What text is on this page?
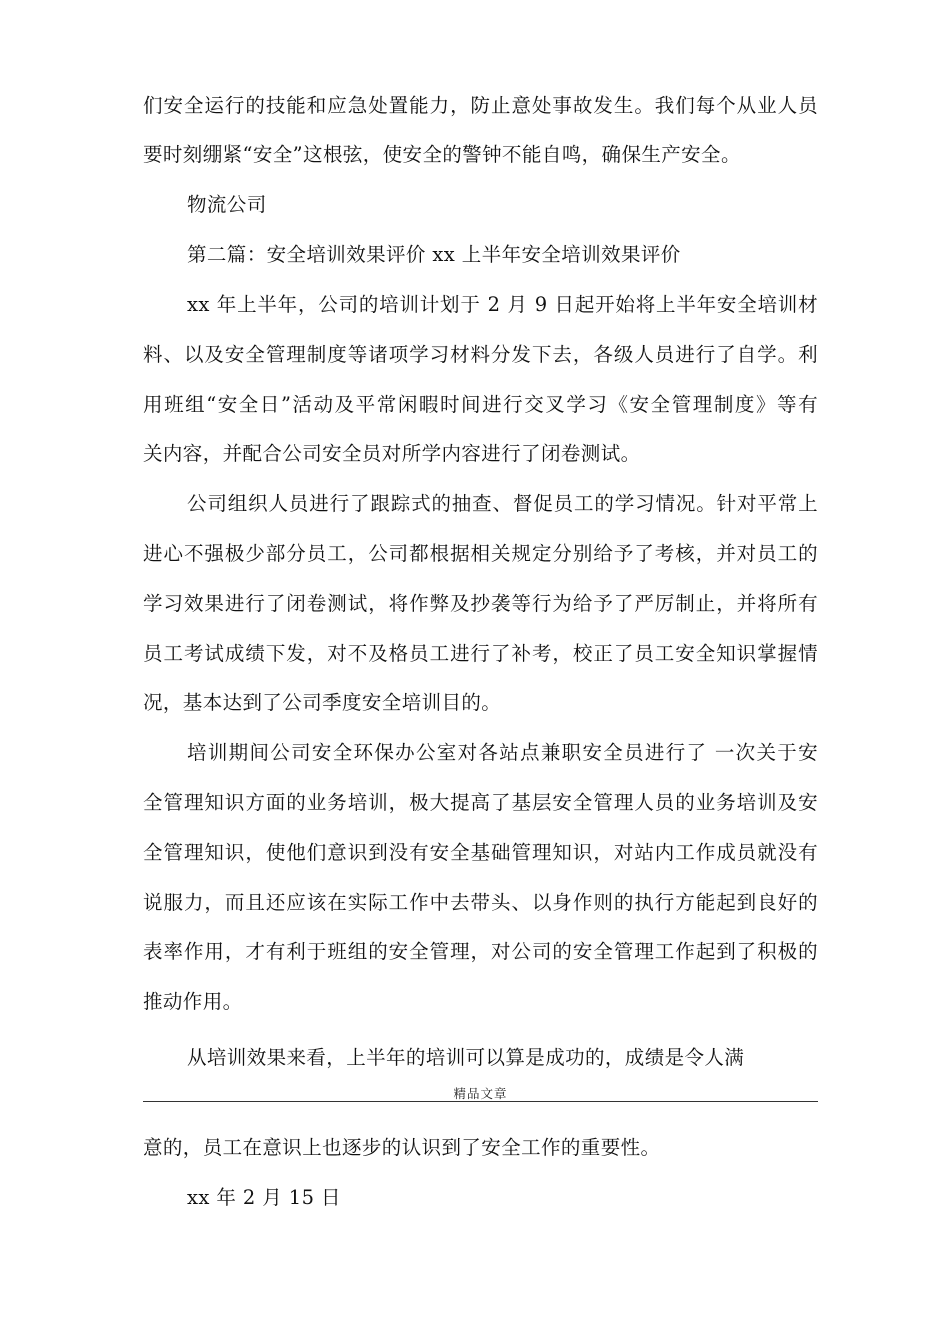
们安全运行的技能和应急处置能力，防止意处事故发生。我们每个从业人员
要时刻绷紧“安全”这根弦，使安全的警钟不能自鸣，确保生产安全。
物流公司
第二篇：安全培训效果评价 xx 上半年安全培训效果评价
xx 年上半年，公司的培训计划于 2 月 9 日起开始将上半年安全培训材
料、以及安全管理制度等诸项学习材料分发下去，各级人员进行了自学。利
用班组“安全日”活动及平常闲暇时间进行交叉学习《安全管理制度》等有
关内容，并配合公司安全员对所学内容进行了闭卷测试。
公司组织人员进行了跟踪式的抽查、督促员工的学习情况。针对平常上
进心不强极少部分员工，公司都根据相关规定分别给予了考核，并对员工的
学习效果进行了闭卷测试，将作弊及抄袭等行为给予了严厉制止，并将所有
员工考试成绩下发，对不及格员工进行了补考，校正了员工安全知识掌握情
况，基本达到了公司季度安全培训目的。
培训期间公司安全环保办公室对各站点兼职安全员进行了 一次关于安
全管理知识方面的业务培训，极大提高了基层安全管理人员的业务培训及安
全管理知识，使他们意识到没有安全基础管理知识，对站内工作成员就没有
说服力，而且还应该在实际工作中去带头、以身作则的执行方能起到良好的
表率作用，才有利于班组的安全管理，对公司的安全管理工作起到了积极的
推动作用。
从培训效果来看，上半年的培训可以算是成功的，成绩是令人满
精品文章
意的，员工在意识上也逐步的认识到了安全工作的重要性。
xx 年 2 月 15 日
